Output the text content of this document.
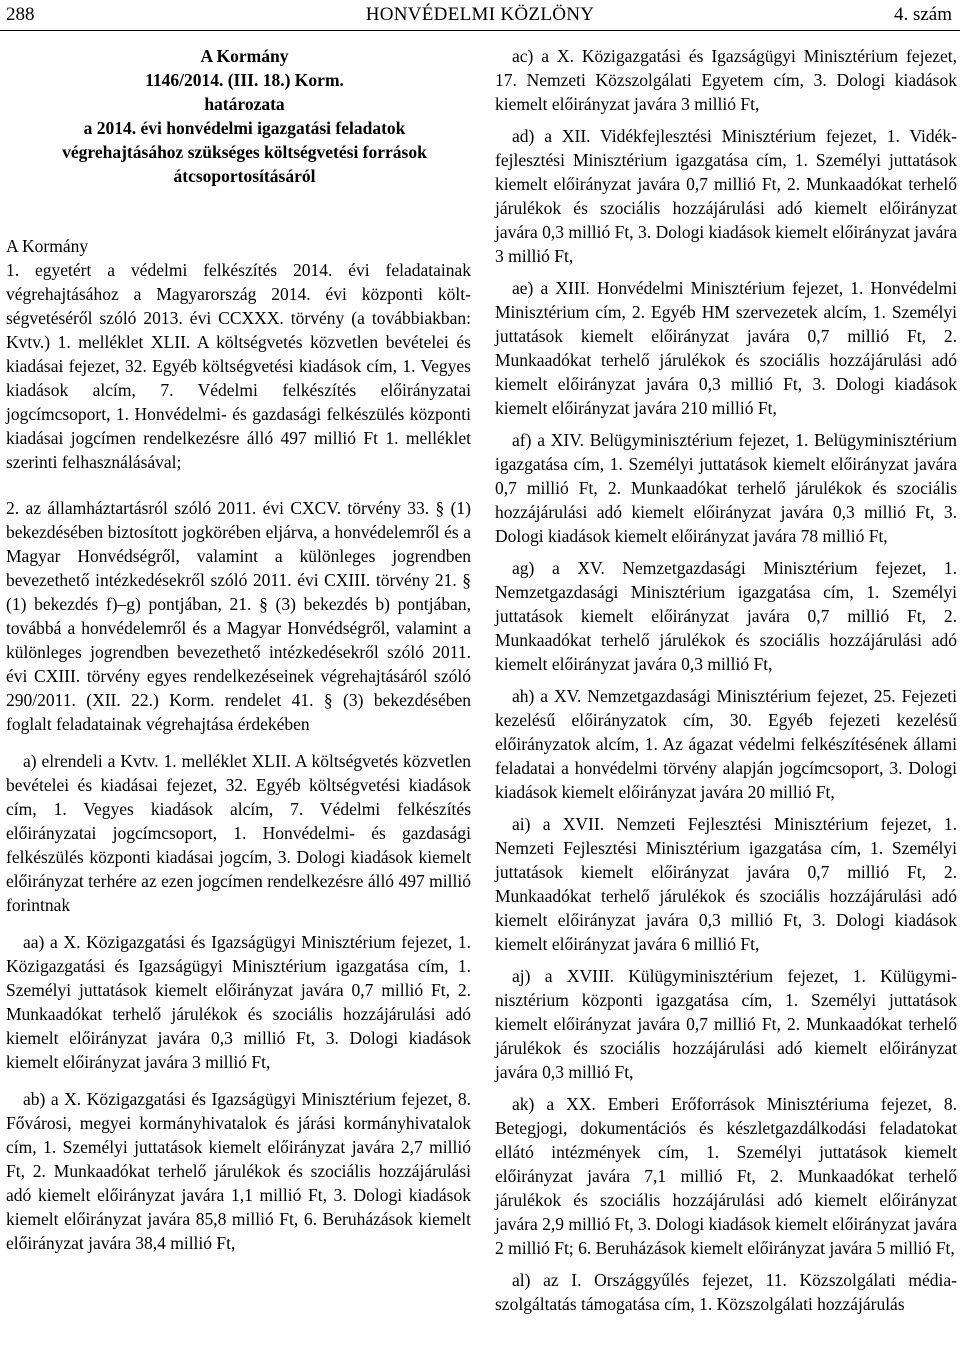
288	HONVÉDELMI KÖZLÖNY	4. szám
A Kormány
1146/2014. (III. 18.) Korm.
határozata
a 2014. évi honvédelmi igazgatási feladatok
végrehajtásához szükséges költségvetési források
átcsoportosításáról

A Kormány

1. egyetért a védelmi felkészítés 2014. évi feladatainak végrehajtásához a Magyarország 2014. évi központi költségvetéséről szóló 2013. évi CCXXX. törvény (a továbbiakban: Kvtv.) 1. melléklet XLII. A költségvetés közvetlen bevételei és kiadásai fejezet, 32. Egyéb költségvetési kiadások cím, 1. Vegyes kiadások alcím, 7. Védelmi felkészítés előirányzatai jogcímcsoport, 1. Honvédelmi- és gazdasági felkészülés központi kiadásai jogcímen rendelkezésre álló 497 millió Ft 1. melléklet szerinti felhasználásával;

2. az államháztartásról szóló 2011. évi CXCV. törvény 33. § (1) bekezdésében biztosított jogkörében eljárva, a honvédelemről és a Magyar Honvédségről, valamint a különleges jogrendben bevezethető intézkedésekről szóló 2011. évi CXIII. törvény 21. § (1) bekezdés f)–g) pontjában, 21. § (3) bekezdés b) pontjában, továbbá a honvédelemről és a Magyar Honvédségről, valamint a különleges jogrendben bevezethető intézkedésekről szóló 2011. évi CXIII. törvény egyes rendelkezéseinek végrehajtásáról szóló 290/2011. (XII. 22.) Korm. rendelet 41. § (3) bekezdésében foglalt feladatainak végrehajtása érdekében

a) elrendeli a Kvtv. 1. melléklet XLII. A költségvetés közvetlen bevételei és kiadásai fejezet, 32. Egyéb költségvetési kiadások cím, 1. Vegyes kiadások alcím, 7. Védelmi felkészítés előirányzatai jogcímcsoport, 1. Honvédelmi- és gazdasági felkészülés központi kiadásai jogcím, 3. Dologi kiadások kiemelt előirányzat terhére az ezen jogcímen rendelkezésre álló 497 millió forintnak

aa) a X. Közigazgatási és Igazságügyi Minisztérium fejezet, 1. Közigazgatási és Igazságügyi Minisztérium igazgatása cím, 1. Személyi juttatások kiemelt előirányzat javára 0,7 millió Ft, 2. Munkaadókat terhelő járulékok és szociális hozzájárulási adó kiemelt előirányzat javára 0,3 millió Ft, 3. Dologi kiadások kiemelt előirányzat javára 3 millió Ft,

ab) a X. Közigazgatási és Igazságügyi Minisztérium fejezet, 8. Fővárosi, megyei kormányhivatalok és járási kormányhivatalok cím, 1. Személyi juttatások kiemelt előirányzat javára 2,7 millió Ft, 2. Munkaadókat terhelő járulékok és szociális hozzájárulási adó kiemelt előirányzat javára 1,1 millió Ft, 3. Dologi kiadások kiemelt előirányzat javára 85,8 millió Ft, 6. Beruházások kiemelt előirányzat javára 38,4 millió Ft,

ac) a X. Közigazgatási és Igazságügyi Minisztérium fejezet, 17. Nemzeti Közszolgálati Egyetem cím, 3. Dologi kiadások kiemelt előirányzat javára 3 millió Ft,

ad) a XII. Vidékfejlesztési Minisztérium fejezet, 1. Vidékfejlesztési Minisztérium igazgatása cím, 1. Személyi juttatások kiemelt előirányzat javára 0,7 millió Ft, 2. Munkaadókat terhelő járulékok és szociális hozzájárulási adó kiemelt előirányzat javára 0,3 millió Ft, 3. Dologi kiadások kiemelt előirányzat javára 3 millió Ft,

ae) a XIII. Honvédelmi Minisztérium fejezet, 1. Honvédelmi Minisztérium cím, 2. Egyéb HM szervezetek alcím, 1. Személyi juttatások kiemelt előirányzat javára 0,7 millió Ft, 2. Munkaadókat terhelő járulékok és szociális hozzájárulási adó kiemelt előirányzat javára 0,3 millió Ft, 3. Dologi kiadások kiemelt előirányzat javára 210 millió Ft,

af) a XIV. Belügyminisztérium fejezet, 1. Belügyminisztérium igazgatása cím, 1. Személyi juttatások kiemelt előirányzat javára 0,7 millió Ft, 2. Munkaadókat terhelő járulékok és szociális hozzájárulási adó kiemelt előirányzat javára 0,3 millió Ft, 3. Dologi kiadások kiemelt előirányzat javára 78 millió Ft,

ag) a XV. Nemzetgazdasági Minisztérium fejezet, 1. Nemzetgazdasági Minisztérium igazgatása cím, 1. Személyi juttatások kiemelt előirányzat javára 0,7 millió Ft, 2. Munkaadókat terhelő járulékok és szociális hozzájárulási adó kiemelt előirányzat javára 0,3 millió Ft,

ah) a XV. Nemzetgazdasági Minisztérium fejezet, 25. Fejezeti kezelésű előirányzatok cím, 30. Egyéb fejezeti kezelésű előirányzatok alcím, 1. Az ágazat védelmi felkészítésének állami feladatai a honvédelmi törvény alapján jogcímcsoport, 3. Dologi kiadások kiemelt előirányzat javára 20 millió Ft,

ai) a XVII. Nemzeti Fejlesztési Minisztérium fejezet, 1. Nemzeti Fejlesztési Minisztérium igazgatása cím, 1. Személyi juttatások kiemelt előirányzat javára 0,7 millió Ft, 2. Munkaadókat terhelő járulékok és szociális hozzájárulási adó kiemelt előirányzat javára 0,3 millió Ft, 3. Dologi kiadások kiemelt előirányzat javára 6 millió Ft,

aj) a XVIII. Külügyminisztérium fejezet, 1. Külügyminisztérium központi igazgatása cím, 1. Személyi juttatások kiemelt előirányzat javára 0,7 millió Ft, 2. Munkaadókat terhelő járulékok és szociális hozzájárulási adó kiemelt előirányzat javára 0,3 millió Ft,

ak) a XX. Emberi Erőforrások Minisztériuma fejezet, 8. Betegjogi, dokumentációs és készletgazdálkodási feladatokat ellátó intézmények cím, 1. Személyi juttatások kiemelt előirányzat javára 7,1 millió Ft, 2. Munkaadókat terhelő járulékok és szociális hozzájárulási adó kiemelt előirányzat javára 2,9 millió Ft, 3. Dologi kiadások kiemelt előirányzat javára 2 millió Ft; 6. Beruházások kiemelt előirányzat javára 5 millió Ft,

al) az I. Országgyűlés fejezet, 11. Közszolgálati médiaszolgáltatás támogatása cím, 1. Közszolgálati hozzájárulás
